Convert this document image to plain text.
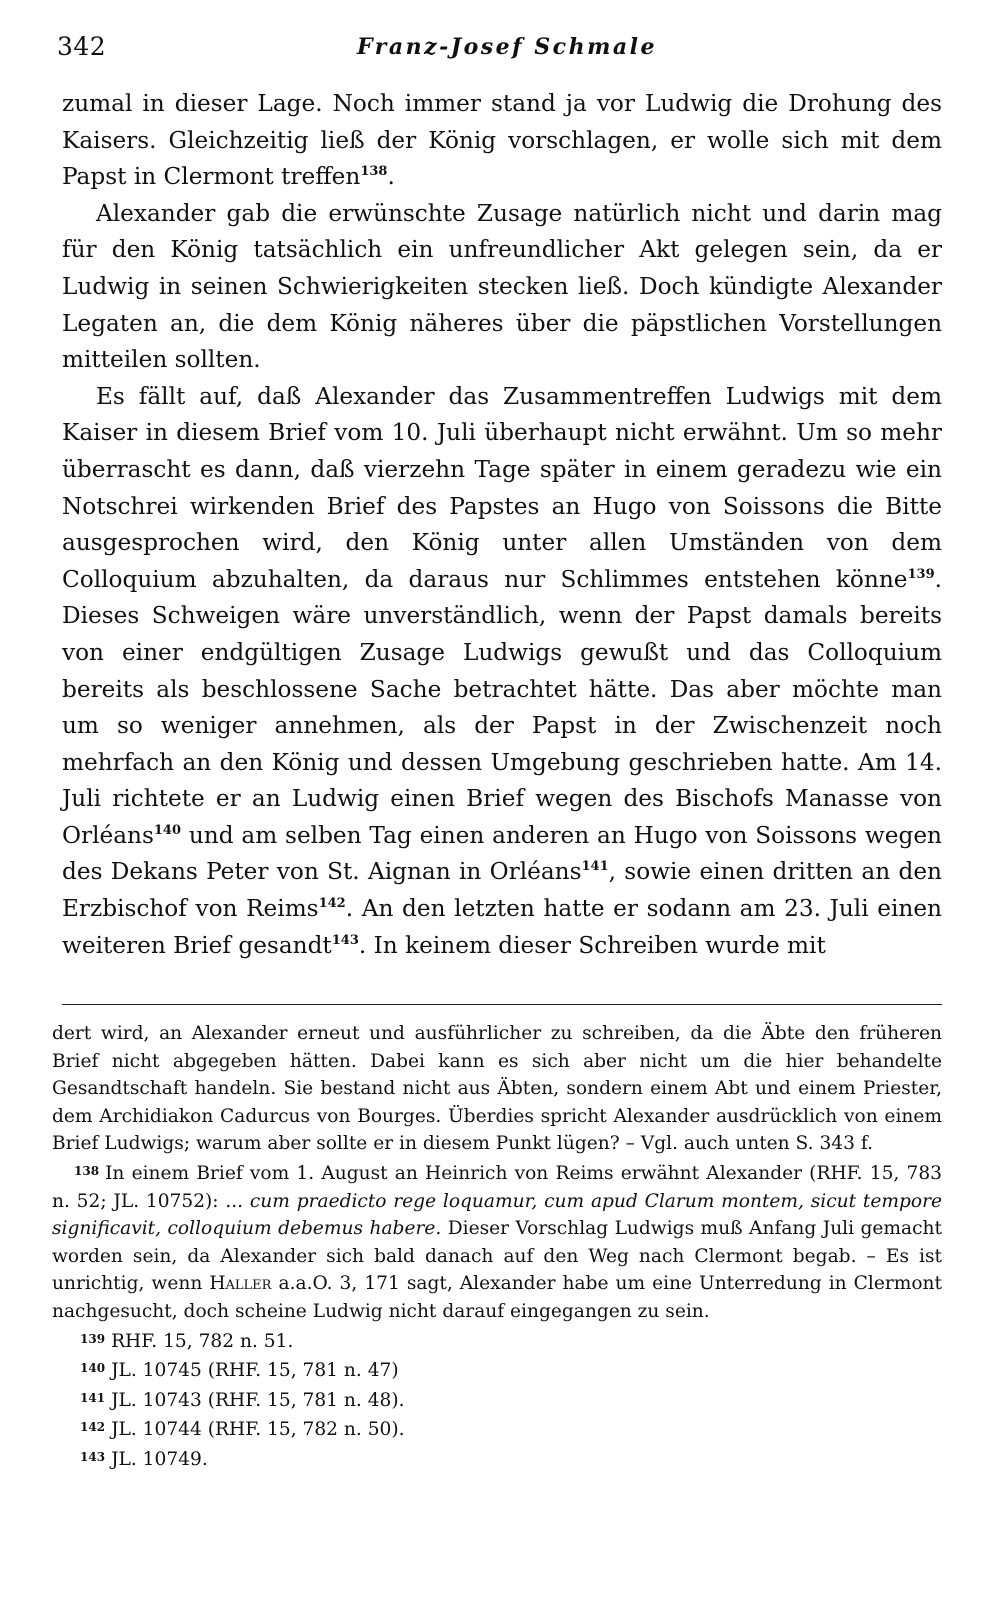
342	Franz-Josef Schmale

zumal in dieser Lage. Noch immer stand ja vor Ludwig die Drohung des Kaisers. Gleichzeitig ließ der König vorschlagen, er wolle sich mit dem Papst in Clermont treffen$^{138}$.

Alexander gab die erwünschte Zusage natürlich nicht und darin mag für den König tatsächlich ein unfreundlicher Akt gelegen sein, da er Ludwig in seinen Schwierigkeiten stecken ließ. Doch kündigte Alexander Legaten an, die dem König näheres über die päpstlichen Vorstellungen mitteilen sollten.

Es fällt auf, daß Alexander das Zusammentreffen Ludwigs mit dem Kaiser in diesem Brief vom 10. Juli überhaupt nicht erwähnt. Um so mehr überrascht es dann, daß vierzehn Tage später in einem geradezu wie ein Notschrei wirkenden Brief des Papstes an Hugo von Soissons die Bitte ausgesprochen wird, den König unter allen Umständen von dem Colloquium abzuhalten, da daraus nur Schlimmes entstehen könne$^{139}$. Dieses Schweigen wäre unverständlich, wenn der Papst damals bereits von einer endgültigen Zusage Ludwigs gewußt und das Colloquium bereits als beschlossene Sache betrachtet hätte. Das aber möchte man um so weniger annehmen, als der Papst in der Zwischenzeit noch mehrfach an den König und dessen Umgebung geschrieben hatte. Am 14. Juli richtete er an Ludwig einen Brief wegen des Bischofs Manasse von Orléans$^{140}$ und am selben Tag einen anderen an Hugo von Soissons wegen des Dekans Peter von St. Aignan in Orléans$^{141}$, sowie einen dritten an den Erzbischof von Reims$^{142}$. An den letzten hatte er sodann am 23. Juli einen weiteren Brief gesandt$^{143}$. In keinem dieser Schreiben wurde mit

dert wird, an Alexander erneut und ausführlicher zu schreiben, da die Äbte den früheren Brief nicht abgegeben hätten. Dabei kann es sich aber nicht um die hier behandelte Gesandtschaft handeln. Sie bestand nicht aus Äbten, sondern einem Abt und einem Priester, dem Archidiakon Cadurcus von Bourges. Überdies spricht Alexander ausdrücklich von einem Brief Ludwigs; warum aber sollte er in diesem Punkt lügen? – Vgl. auch unten S. 343 f.

$^{138}$ In einem Brief vom 1. August an Heinrich von Reims erwähnt Alexander (RHF. 15, 783 n. 52; JL. 10752): ... cum praedicto rege loquamur, cum apud Clarum montem, sicut tempore significavit, colloquium debemus habere. Dieser Vorschlag Ludwigs muß Anfang Juli gemacht worden sein, da Alexander sich bald danach auf den Weg nach Clermont begab. – Es ist unrichtig, wenn Haller a.a.O. 3, 171 sagt, Alexander habe um eine Unterredung in Clermont nachgesucht, doch scheine Ludwig nicht darauf eingegangen zu sein.

$^{139}$ RHF. 15, 782 n. 51.

$^{140}$ JL. 10745 (RHF. 15, 781 n. 47)

$^{141}$ JL. 10743 (RHF. 15, 781 n. 48).

$^{142}$ JL. 10744 (RHF. 15, 782 n. 50).

$^{143}$ JL. 10749.
